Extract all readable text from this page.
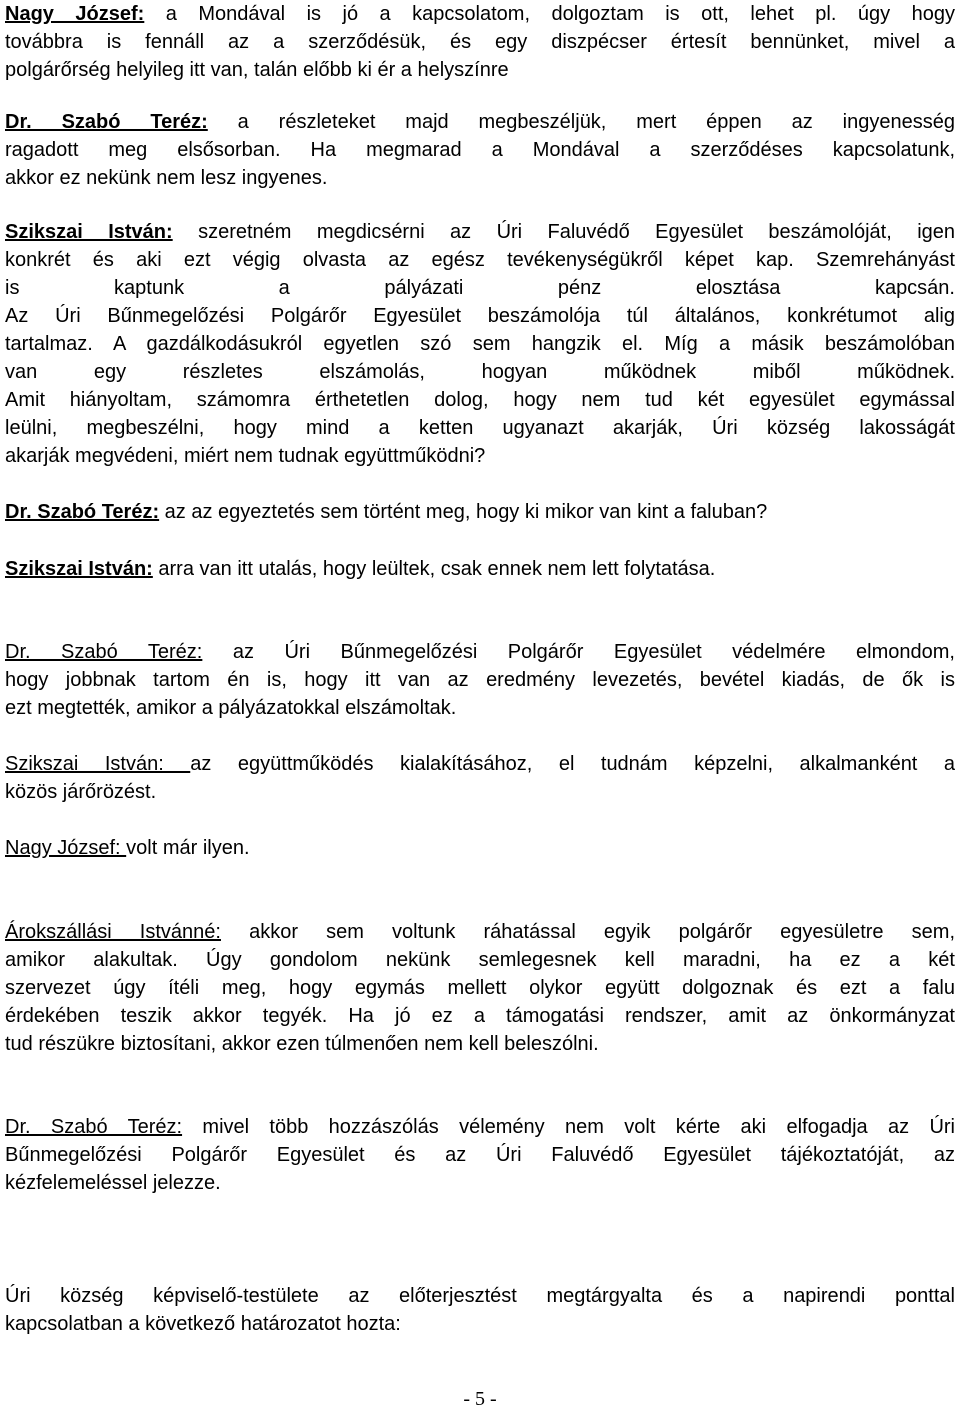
Nagy József: a Mondával is jó a kapcsolatom, dolgoztam is ott, lehet pl. úgy hogy
továbbra is fennáll az a szerződésük, és egy diszpécser értesít bennünket, mivel a
polgárőrség helyileg itt van, talán előbb ki ér a helyszínre
Dr. Szabó Teréz: a részleteket majd megbeszéljük, mert éppen az ingyenesség
ragadott meg elsősorban. Ha megmarad a Mondával a szerződéses kapcsolatunk,
akkor ez nekünk nem lesz ingyenes.
Szikszai István: szeretném megdicsérni az Úri Faluvédő Egyesület beszámolóját, igen
konkrét és aki ezt végig olvasta az egész tevékenységükről képet kap. Szemrehányást
is kaptunk a pályázati pénz elosztása kapcsán.
Az Úri Bűnmegelőzési Polgárőr Egyesület beszámolója túl általános, konkrétumot alig
tartalmaz. A gazdálkodásukról egyetlen szó sem hangzik el. Míg a másik beszámolóban
van egy részletes elszámolás, hogyan működnek miből működnek.
Amit hiányoltam, számomra érthetetlen dolog, hogy nem tud két egyesület egymással
leülni, megbeszélni, hogy mind a ketten ugyanazt akarják, Úri község lakosságát
akarják megvédeni, miért nem tudnak együttműködni?
Dr. Szabó Teréz: az az egyeztetés sem történt meg, hogy ki mikor van kint a faluban?
Szikszai István: arra van itt utalás, hogy leültek, csak ennek nem lett folytatása.
Dr. Szabó Teréz: az Úri Bűnmegelőzési Polgárőr Egyesület védelmére elmondom,
hogy jobbnak tartom én is, hogy itt van az eredmény levezetés, bevétel kiadás, de ők is
ezt megtették, amikor a pályázatokkal elszámoltak.
Szikszai István: az együttműködés kialakításához, el tudnám képzelni, alkalmanként a
közös járőrözést.
Nagy József: volt már ilyen.
Árokszállási Istvánné: akkor sem voltunk ráhatással egyik polgárőr egyesületre sem,
amikor alakultak. Úgy gondolom nekünk semlegesnek kell maradni, ha ez a két
szervezet úgy ítéli meg, hogy egymás mellett olykor együtt dolgoznak és ezt a falu
érdekében teszik akkor tegyék. Ha jó ez a támogatási rendszer, amit az önkormányzat
tud részükre biztosítani, akkor ezen túlmenően nem kell beleszólni.
Dr. Szabó Teréz: mivel több hozzászólás vélemény nem volt kérte aki elfogadja az Úri
Bűnmegelőzési Polgárőr Egyesület és az Úri Faluvédő Egyesület tájékoztatóját, az
kézfelemeléssel jelezze.
Úri község képviselő-testülete az előterjesztést megtárgyalta és a napirendi ponttal
kapcsolatban a következő határozatot hozta:
- 5 -
